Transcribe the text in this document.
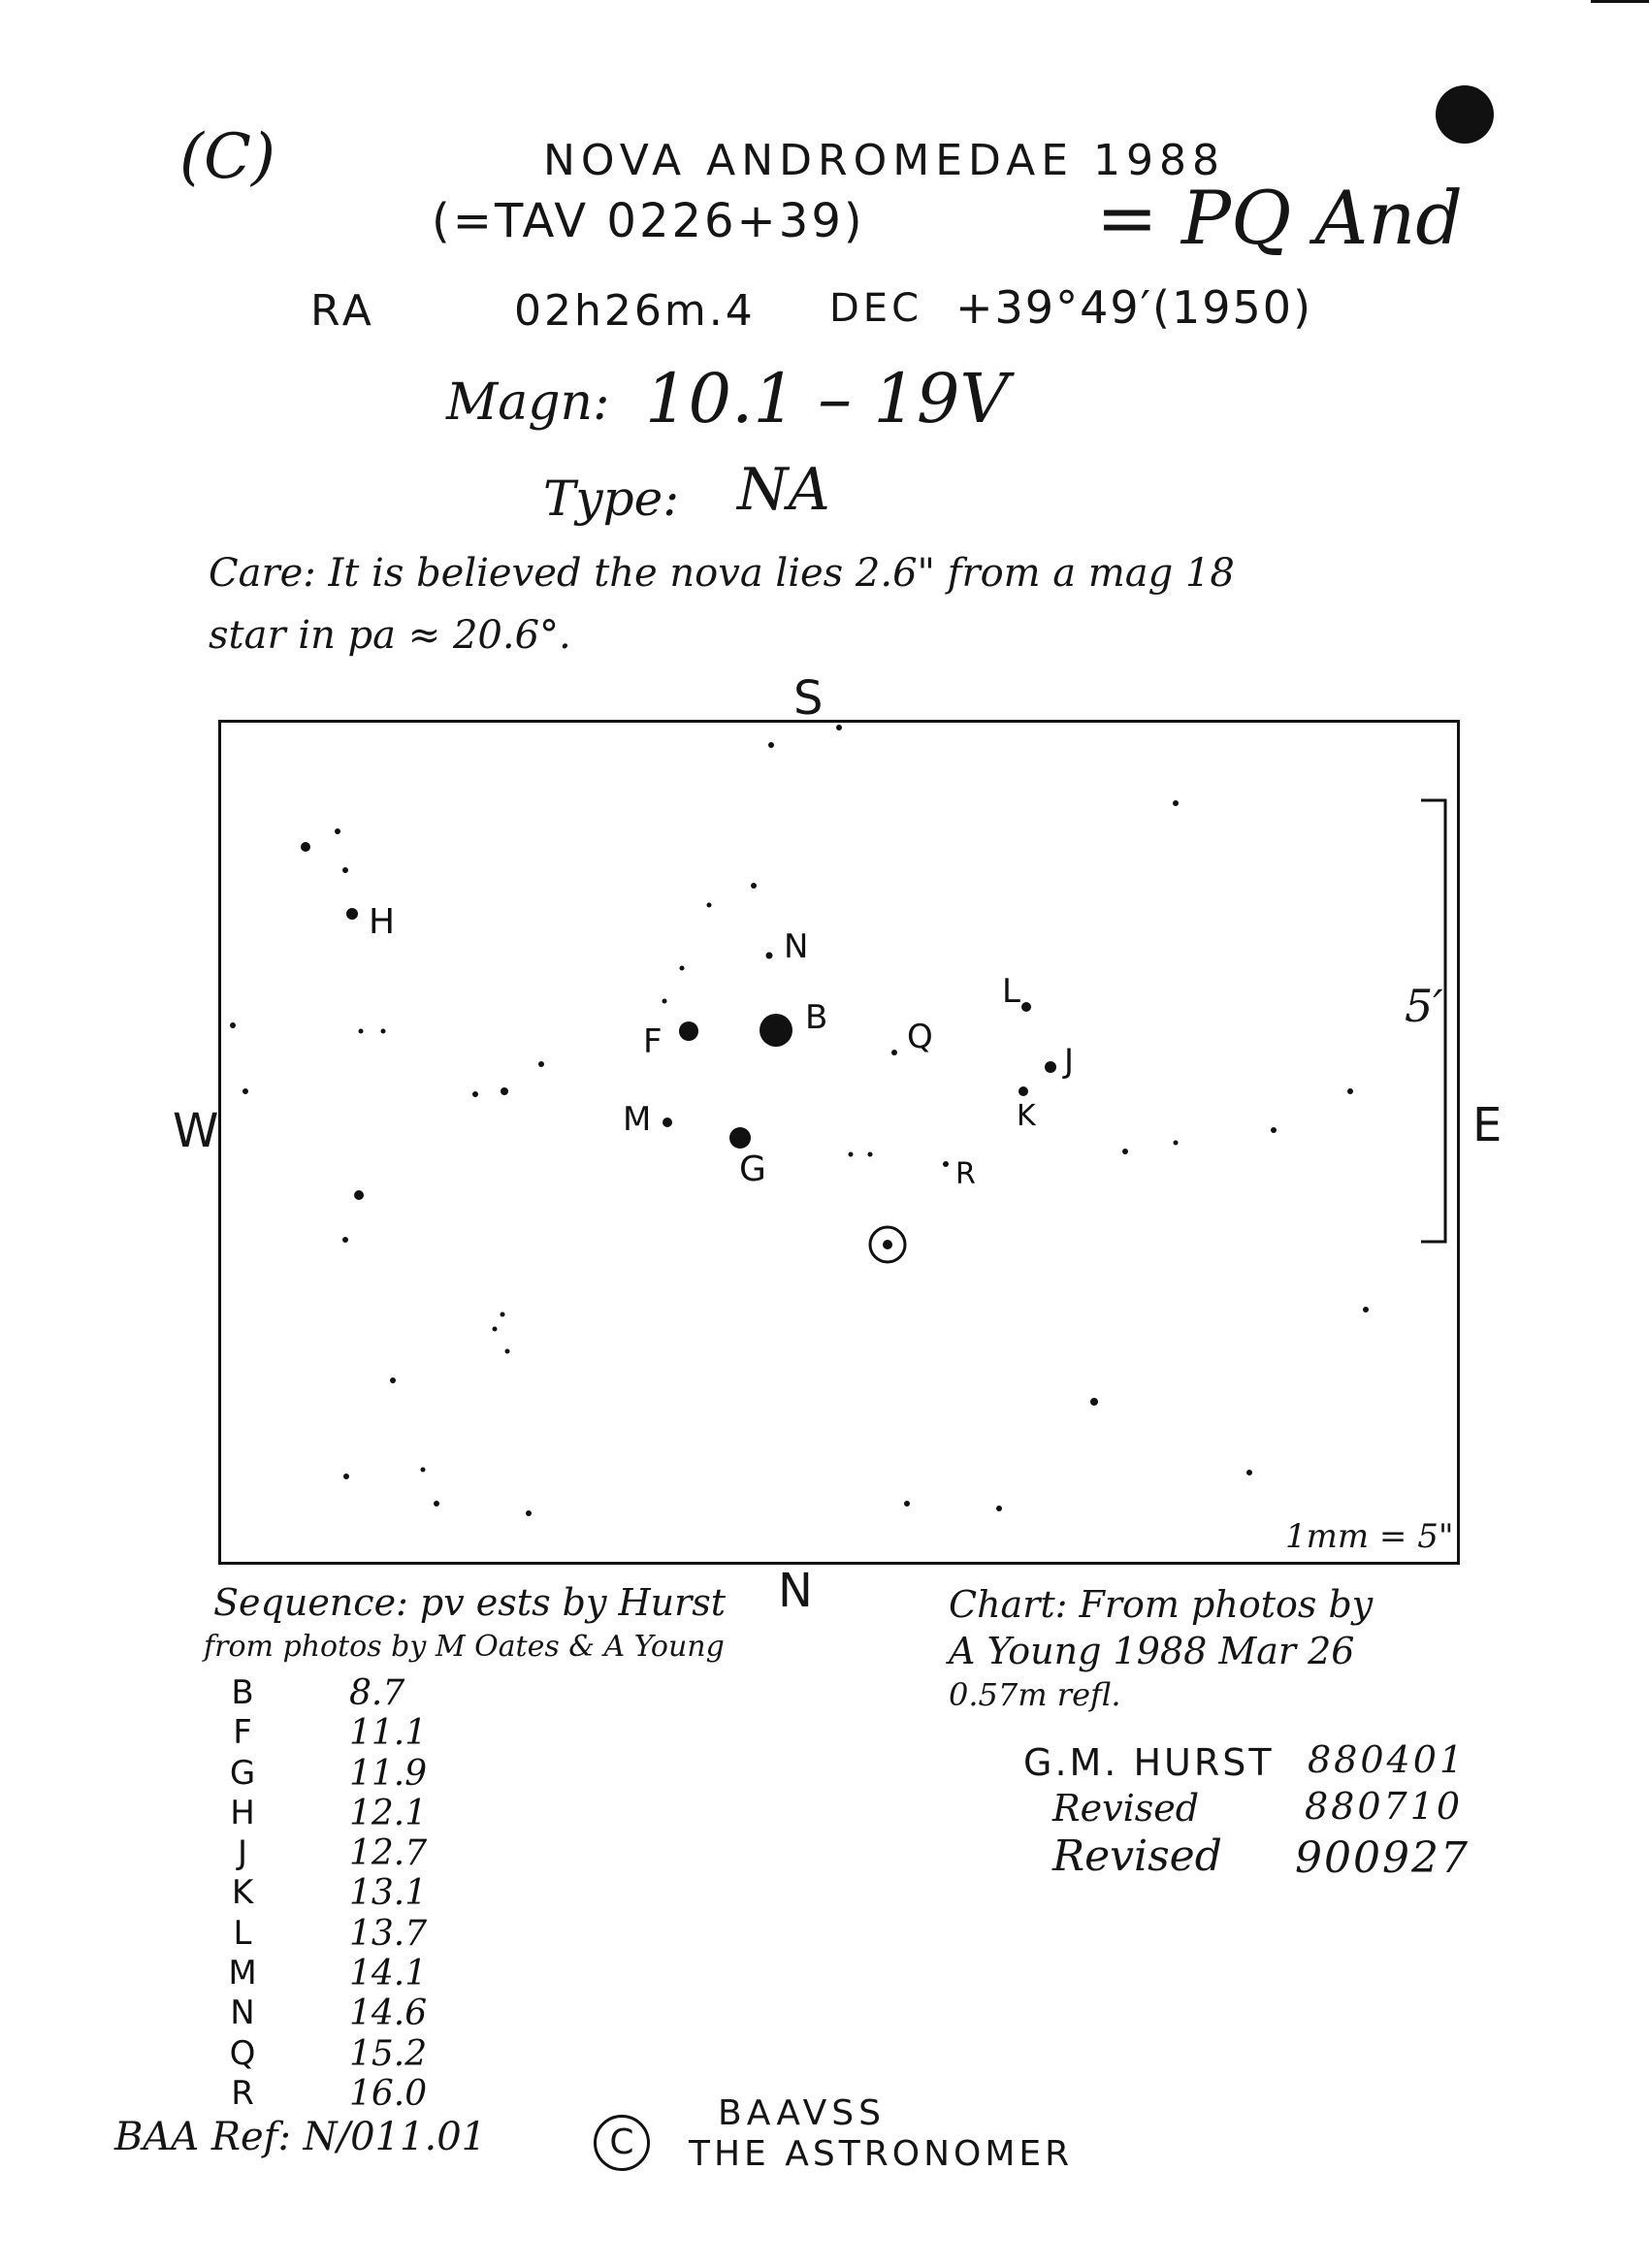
(C)	NOVA ANDROMEDAE 1988
(=TAV 0226+39)	= PQ And
RA	02h26m.4 DEC +39°49′(1950)
Magn: 10.1 – 19V
Type: NA
Care: It is believed the nova lies 2.6" from a mag 18
star in pa ≈ 20.6°.
S
N
W	E
H
N
L
F
B Q
J
K
M
G	R
5′
1mm = 5"
Sequence: pv ests by Hurst
from photos by M Oates & A Young
B	8.7
F	11.1
G	11.9
H	12.1
J	12.7
K	13.1
L	13.7
M	14.1
N	14.6
Q	15.2
R	16.0
Chart: From photos by
A Young 1988 Mar 26
0.57m refl.
G.M. HURST 880401
Revised	880710
Revised 900927
BAA Ref: N/011.01	C
BAAVSS
THE ASTRONOMER
